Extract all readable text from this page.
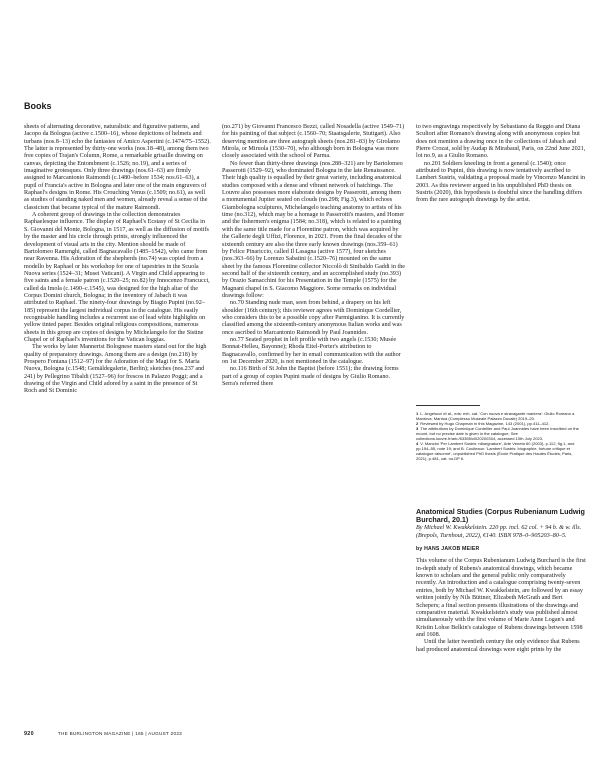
Books

sheets of alternating decorative, naturalistic and figurative patterns, and Jacopo da Bologna (active c.1500–16), whose depictions of helmets and turbans (nos.8–13) echo the fantasies of Amico Aspertini (c.1474/75–1552). The latter is represented by thirty-one works (nos.18–48), among them two free copies of Trajan's Column, Rome, a remarkable grisaille drawing on canvas, depicting the Entombment (c.1526; no.19), and a series of imaginative grotesques. Only three drawings (nos.61–63) are firmly assigned to Marcantonio Raimondi (c.1480–before 1534; nos.61–63), a pupil of Francia's active in Bologna and later one of the main engravers of Raphael's designs in Rome. His Crouching Venus (c.1509; no.61), as well as studies of standing naked men and women, already reveal a sense of the classicism that became typical of the mature Raimondi.

A coherent group of drawings in the collection demonstrates Raphaelesque influence. The display of Raphael's Ecstasy of St Cecilia in S. Giovanni del Monte, Bologna, in 1517, as well as the diffusion of motifs by the master and his circle through prints, strongly influenced the development of visual arts in the city. Mention should be made of Bartolomeo Ramenghi, called Bagnacavallo (1485–1542), who came from near Ravenna. His Adoration of the shepherds (no.74) was copied from a modello by Raphael or his workshop for one of tapestries in the Scuola Nuova series (1524–31; Musei Vaticani). A Virgin and Child appearing to five saints and a female patron (c.1520–25; no.82) by Innocenzo Francucci, called da Imola (c.1490–c.1545), was designed for the high altar of the Corpus Domini church, Bologna; in the inventory of Jabach it was attributed to Raphael. The ninety-four drawings by Biagio Pupini (no.92–185) represent the largest individual corpus in the catalogue. His easily recognisable handling includes a recurrent use of lead white highlights on yellow tinted paper. Besides original religious compositions, numerous sheets in this group are copies of designs by Michelangelo for the Sistine Chapel or of Raphael's inventions for the Vatican loggias.

The works by later Mannerist Bolognese masters stand out for the high quality of preparatory drawings. Among them are a design (no.218) by Prospero Fontana (1512–97) for the Adoration of the Magi for S. Maria Nuova, Bologna (c.1548; Gemäldegalerie, Berlin); sketches (nos.237 and 241) by Pellegrino Tibaldi (1527–96) for frescos in Palazzo Poggi; and a drawing of the Virgin and Child adored by a saint in the presence of St Roch and St Dominic

(no.271) by Giovanni Francesco Bezzi, called Nosadella (active 1549–71) for his painting of that subject (c.1560–70; Staatsgalerie, Stuttgart). Also deserving mention are three autograph sheets (nos.281–83) by Girolamo Mirola, or Miruola (1530–70), who although born in Bologna was more closely associated with the school of Parma.

No fewer than thirty-three drawings (nos.288–321) are by Bartolomeo Passerotti (1529–92), who dominated Bologna in the late Renaissance. Their high quality is equalled by their great variety, including anatomical studies composed with a dense and vibrant network of hatchings. The Louvre also possesses more elaborate designs by Passerotti, among them a monumental Jupiter seated on clouds (no.298; Fig.3), which echoes Giambologna sculptures, Michelangelo teaching anatomy to artists of his time (no.312), which may be a homage to Passerotti's masters, and Homer and the fishermen's enigma (1584; no.318), which is related to a painting with the same title made for a Florentine patron, which was acquired by the Gallerie degli Uffizi, Florence, in 2021. From the final decades of the sixteenth century are also the three early known drawings (nos.359–61) by Felice Pinariccio, called Il Lasagna (active 1577), four sketches (nos.363–66) by Lorenzo Sabatini (c.1520–76) mounted on the same sheet by the famous Florentine collector Niccolò di Sinibaldo Gaddi in the second half of the sixteenth century, and an accomplished study (no.393) by Orazio Samacchini for his Presentation in the Temple (1575) for the Magnani chapel in S. Giacomo Maggiore. Some remarks on individual drawings follow:

no.70 Standing nude man, seen from behind, a drapery on his left shoulder (16th century); this reviewer agrees with Dominique Cordellier, who considers this to be a possible copy after Parmigianino. It is currently classified among the sixteenth-century anonymous Italian works and was once ascribed to Marcantonio Raimondi by Paul Joannides.

no.77 Seated prophet in left profile with two angels (c.1530; Musée Bonnat-Helleu, Bayonne); Rhoda Eitel-Porter's attribution to Bagnacavallo, confirmed by her in email communication with the author on 1st December 2020, is not mentioned in the catalogue.

no.116 Birth of St John the Baptist (before 1551); the drawing forms part of a group of copies Pupini made of designs by Giulio Romano. Serra's referred there

to two engravings respectively by Sebastiano da Reggio and Diana Scultori after Romano's drawing along with anonymous copies but does not mention a drawing once in the collections of Jabach and Pierre Crozat, sold by Audap & Mirabaud, Paris, on 22nd June 2021, lot no.9, as a Giulio Romano.

no.201 Soldiers kneeling in front a general (c.1540); once attributed to Pupini, this drawing is now tentatively ascribed to Lambert Sustris, validating a proposal made by Vincenzo Mancini in 2003. As this reviewer argued in his unpublished PhD thesis on Sustris (2020), this hypothesis is doubtful since the handling differs from the rare autograph drawings by the artist.

1 L. Angelucci et al., eds: exh. cat. 'Con nuova e stravagante maniera': Giulio Romano a Mantova, Mantua (Complesso Museale Palazzo Ducale) 2019–20.

2 Reviewed by Hugo Chapman in this Magazine, 143 (2001), pp.411–412.

3 The attributions by Dominique Cordellier and Paul Joannides have been inscribed on the mount, but no precise date is given in the catalogue. See collections.louvre.fr/ark:/53355/cl020200304, accessed 10th July 2023.

4 V. Mancini 'Per Lambert Sustris «disegnatore', Arte Veneta 60 (2003), p.112, fig.1, and pp.154–55, note 19; and B. Coulleaux: 'Lambert Sustris: biographie, fortune critique et catalogue raisonné', unpublished PhD thesis (École Pratique des Hautes Études, Paris, 2021), p.481, cat. no.DP 6.

Anatomical Studies (Corpus Rubenianum Ludwig Burchard, 20.1)

By Michael W. Kwakkelstein. 220 pp. incl. 62 col. + 94 b. & w. ills. (Brepols, Turnhout, 2022), €140. ISBN 978–0–905203–80–5.

by HANS JAKOB MEIER

This volume of the Corpus Rubenianum Ludwig Burchard is the first in-depth study of Rubens's anatomical drawings, which became known to scholars and the general public only comparatively recently. An introduction and a catalogue comprising twenty-seven entries, both by Michael W. Kwakkelstein, are followed by an essay written jointly by Nils Büttner, Elizabeth McGrath and Bert Schepers; a final section presents illustrations of the drawings and comparative material. Kwakkelstein's study was published almost simultaneously with the first volume of Marie Anne Logan's and Kristin Lohse Belkin's catalogue of Rubens drawings between 1598 and 1608.

Until the latter twentieth century the only evidence that Rubens had produced anatomical drawings were eight prints by the

920	THE BURLINGTON MAGAZINE | 165 | AUGUST 2023
